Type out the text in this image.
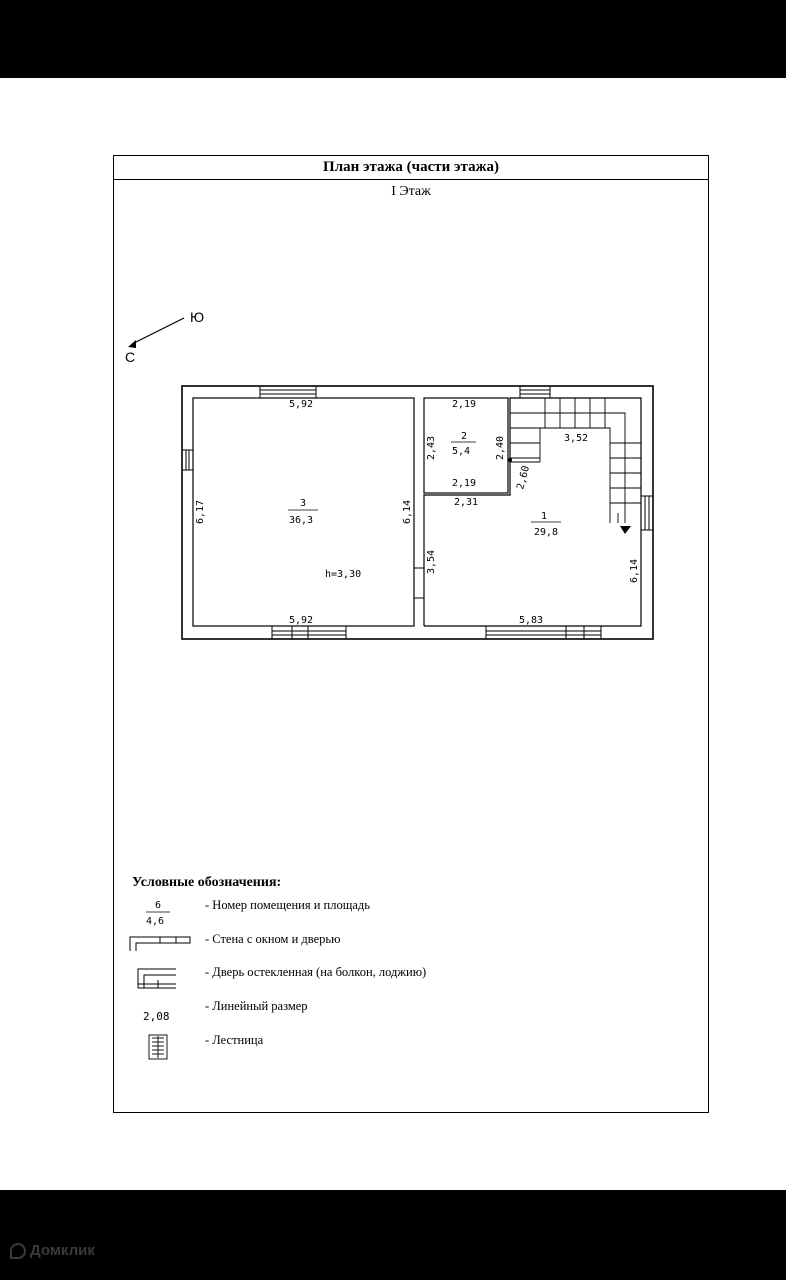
План этажа (части этажа)
I Этаж
Ю
С
5,92
5,92
6,17	6,14
3
36,3
h=3,30
2,19
2,19
2,43	2,40
2
5,4
2,31
5,83
6,14
3,52
2,60
3,54
1
29,8
6
4,6
2,08
Условные обозначения:
- Номер помещения и площадь
- Стена с окном и дверью
- Дверь остекленная (на болкон, лоджию)
- Линейный размер
- Лестница
Домклик
